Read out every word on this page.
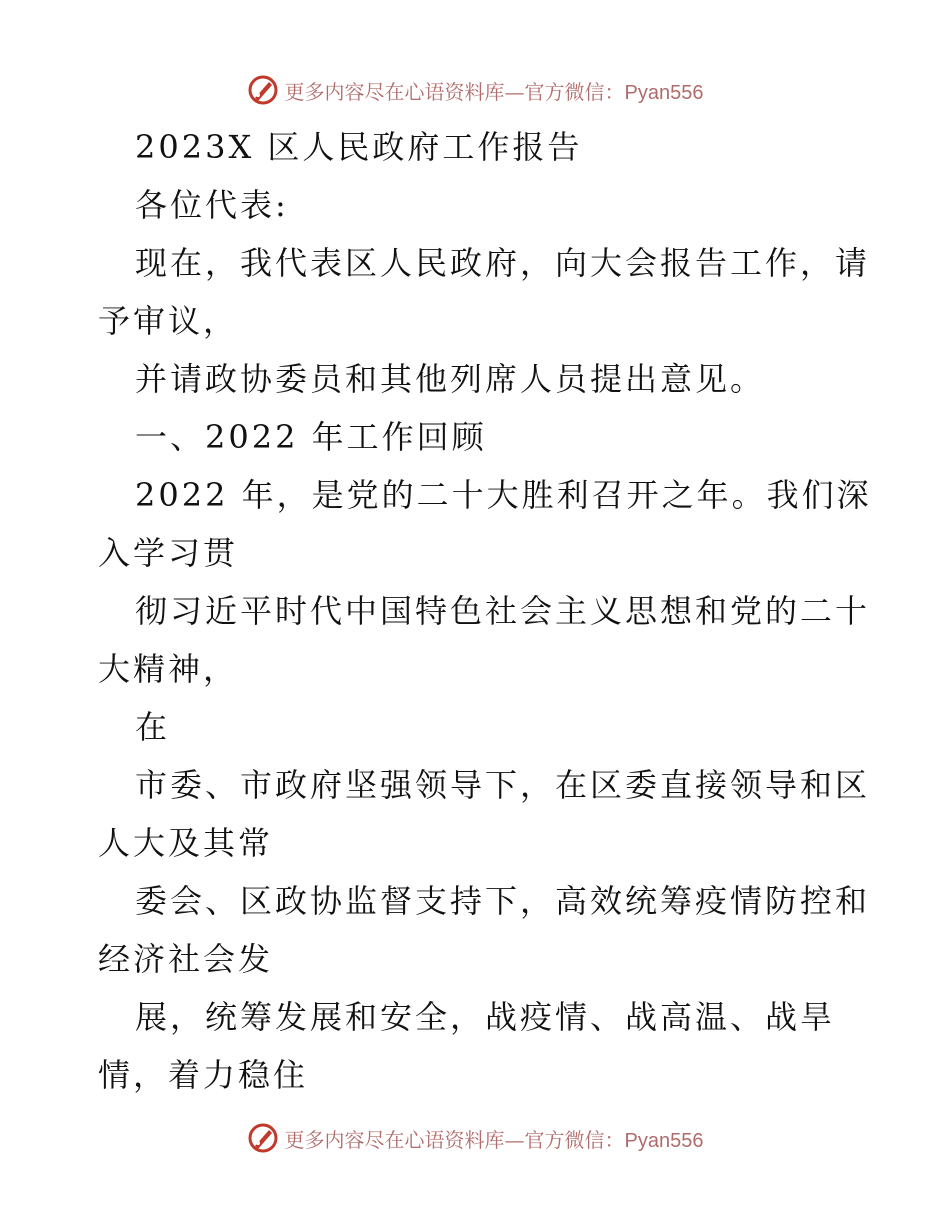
更多内容尽在心语资料库—官方微信：Pyan556
2023X 区人民政府工作报告
各位代表:
现在，我代表区人民政府，向大会报告工作，请
予审议，
并请政协委员和其他列席人员提出意见。
一、2022 年工作回顾
2022 年，是党的二十大胜利召开之年。我们深
入学习贯
彻习近平时代中国特色社会主义思想和党的二十
大精神，
在
市委、市政府坚强领导下，在区委直接领导和区
人大及其常
委会、区政协监督支持下，高效统筹疫情防控和
经济社会发
展，统筹发展和安全，战疫情、战高温、战旱
情，着力稳住
更多内容尽在心语资料库—官方微信：Pyan556
